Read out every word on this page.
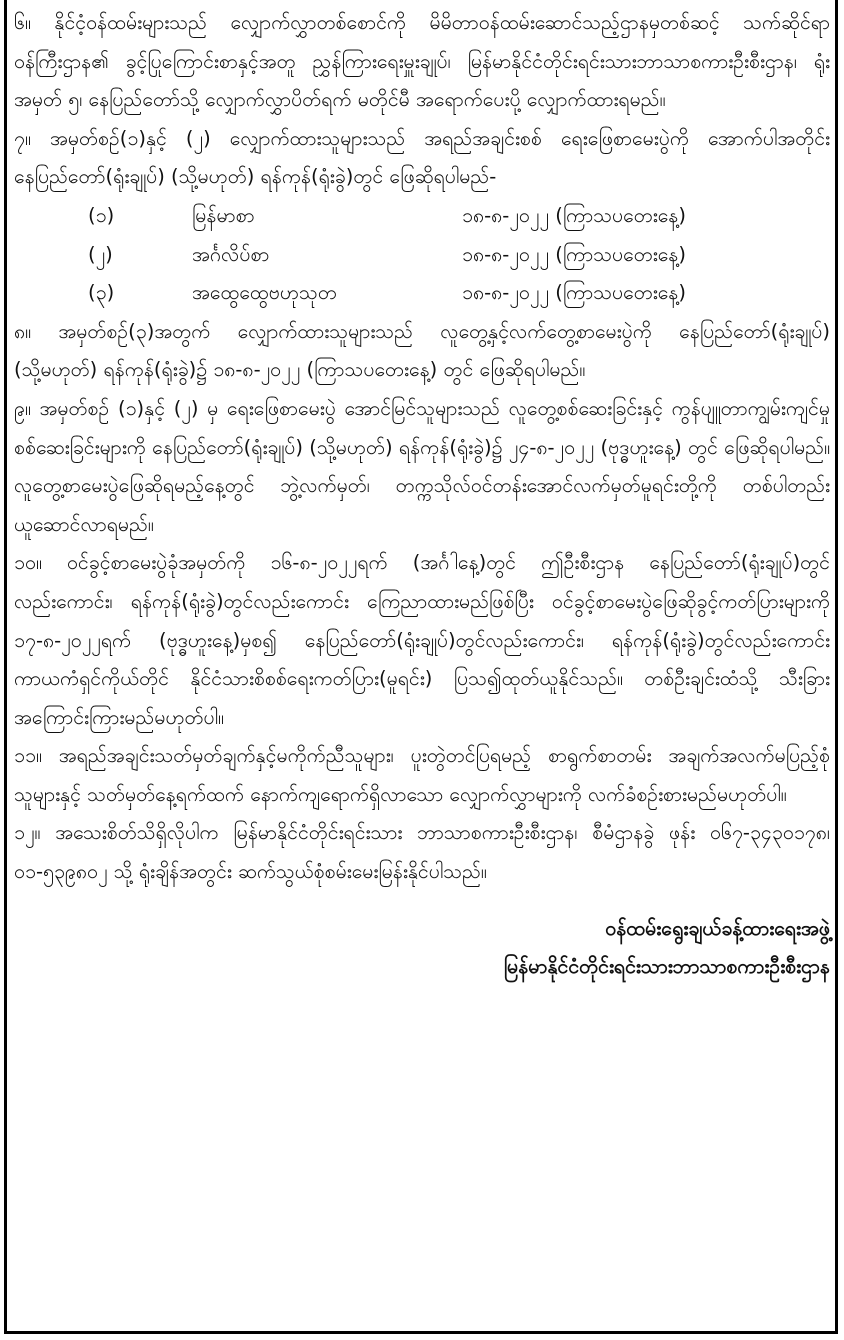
၆။ နိုင်ငံ့ဝန်ထမ်းများသည် လျှောက်လွှာတစ်စောင်ကို မိမိတာဝန်ထမ်းဆောင်သည့်ဌာနမှတစ်ဆင့် သက်ဆိုင်ရာဝန်ကြီးဌာန၏ ခွင့်ပြုကြောင်းစာနှင့်အတူ ညွှန်ကြားရေးမှူးချုပ်၊ မြန်မာနိုင်ငံတိုင်းရင်းသားဘာသာစကားဦးစီးဌာန၊ ရုံးအမှတ် ၅၊ နေပြည်တော်သို့ လျှောက်လွှာပိတ်ရက် မတိုင်မီ အရောက်ပေးပို့ လျှောက်ထားရမည်။

၇။ အမှတ်စဉ်(၁)နှင့် (၂) လျှောက်ထားသူများသည် အရည်အချင်းစစ် ရေးဖြေစာမေးပွဲကို အောက်ပါအတိုင်း နေပြည်တော်(ရုံးချုပ်) (သို့မဟုတ်) ရန်ကုန်(ရုံးခွဲ)တွင် ဖြေဆိုရပါမည်-

(၁)	မြန်မာစာ	၁၈-၈-၂၀၂၂ (ကြာသပတေးနေ့)
(၂)	အင်္ဂလိပ်စာ	၁၈-၈-၂၀၂၂ (ကြာသပတေးနေ့)
(၃)	အထွေထွေဗဟုသုတ	၁၈-၈-၂၀၂၂ (ကြာသပတေးနေ့)

၈။ အမှတ်စဉ်(၃)အတွက် လျှောက်ထားသူများသည် လူတွေ့နှင့်လက်တွေ့စာမေးပွဲကို နေပြည်တော်(ရုံးချုပ်) (သို့မဟုတ်) ရန်ကုန်(ရုံးခွဲ)၌ ၁၈-၈-၂၀၂၂ (ကြာသပတေးနေ့) တွင် ဖြေဆိုရပါမည်။

၉။ အမှတ်စဉ် (၁)နှင့် (၂) မှ ရေးဖြေစာမေးပွဲ အောင်မြင်သူများသည် လူတွေ့စစ်ဆေးခြင်းနှင့် ကွန်ပျူတာကျွမ်းကျင်မှု စစ်ဆေးခြင်းများကို နေပြည်တော်(ရုံးချုပ်) (သို့မဟုတ်) ရန်ကုန်(ရုံးခွဲ)၌ ၂၄-၈-၂၀၂၂ (ဗုဒ္ဓဟူးနေ့) တွင် ဖြေဆိုရပါမည်။ လူတွေ့စာမေးပွဲဖြေဆိုရမည့်နေ့တွင် ဘွဲ့လက်မှတ်၊ တက္ကသိုလ်ဝင်တန်းအောင်လက်မှတ်မူရင်းတို့ကို တစ်ပါတည်း ယူဆောင်လာရမည်။

၁၀။ ဝင်ခွင့်စာမေးပွဲခုံအမှတ်ကို ၁၆-၈-၂၀၂၂ရက် (အင်္ဂါနေ့)တွင် ဤဦးစီးဌာန နေပြည်တော်(ရုံးချုပ်)တွင် လည်းကောင်း၊ ရန်ကုန်(ရုံးခွဲ)တွင်လည်းကောင်း ကြေညာထားမည်ဖြစ်ပြီး ဝင်ခွင့်စာမေးပွဲဖြေဆိုခွင့်ကတ်ပြားများကို ၁၇-၈-၂၀၂၂ရက် (ဗုဒ္ဓဟူးနေ့)မှစ၍ နေပြည်တော်(ရုံးချုပ်)တွင်လည်းကောင်း၊ ရန်ကုန်(ရုံးခွဲ)တွင်လည်းကောင်း ကာယကံရှင်ကိုယ်တိုင် နိုင်ငံသားစိစစ်ရေးကတ်ပြား(မူရင်း) ပြသ၍ထုတ်ယူနိုင်သည်။ တစ်ဦးချင်းထံသို့ သီးခြားအကြောင်းကြားမည်မဟုတ်ပါ။

၁၁။ အရည်အချင်းသတ်မှတ်ချက်နှင့်မကိုက်ညီသူများ၊ ပူးတွဲတင်ပြရမည့် စာရွက်စာတမ်း အချက်အလက်မပြည့်စုံသူများနှင့် သတ်မှတ်နေ့ရက်ထက် နောက်ကျရောက်ရှိလာသော လျှောက်လွှာများကို လက်ခံစဉ်းစားမည်မဟုတ်ပါ။

၁၂။ အသေးစိတ်သိရှိလိုပါက မြန်မာနိုင်ငံတိုင်းရင်းသား ဘာသာစကားဦးစီးဌာန၊ စီမံဌာနခွဲ ဖုန်း ၀၆၇-၃၄၃၀၁၇၈၊ ၀၁-၅၃၉၈၀၂ သို့ ရုံးချိန်အတွင်း ဆက်သွယ်စုံစမ်းမေးမြန်းနိုင်ပါသည်။

ဝန်ထမ်းရွေးချယ်ခန့်ထားရေးအဖွဲ့
မြန်မာနိုင်ငံတိုင်းရင်းသားဘာသာစကားဦးစီးဌာန
